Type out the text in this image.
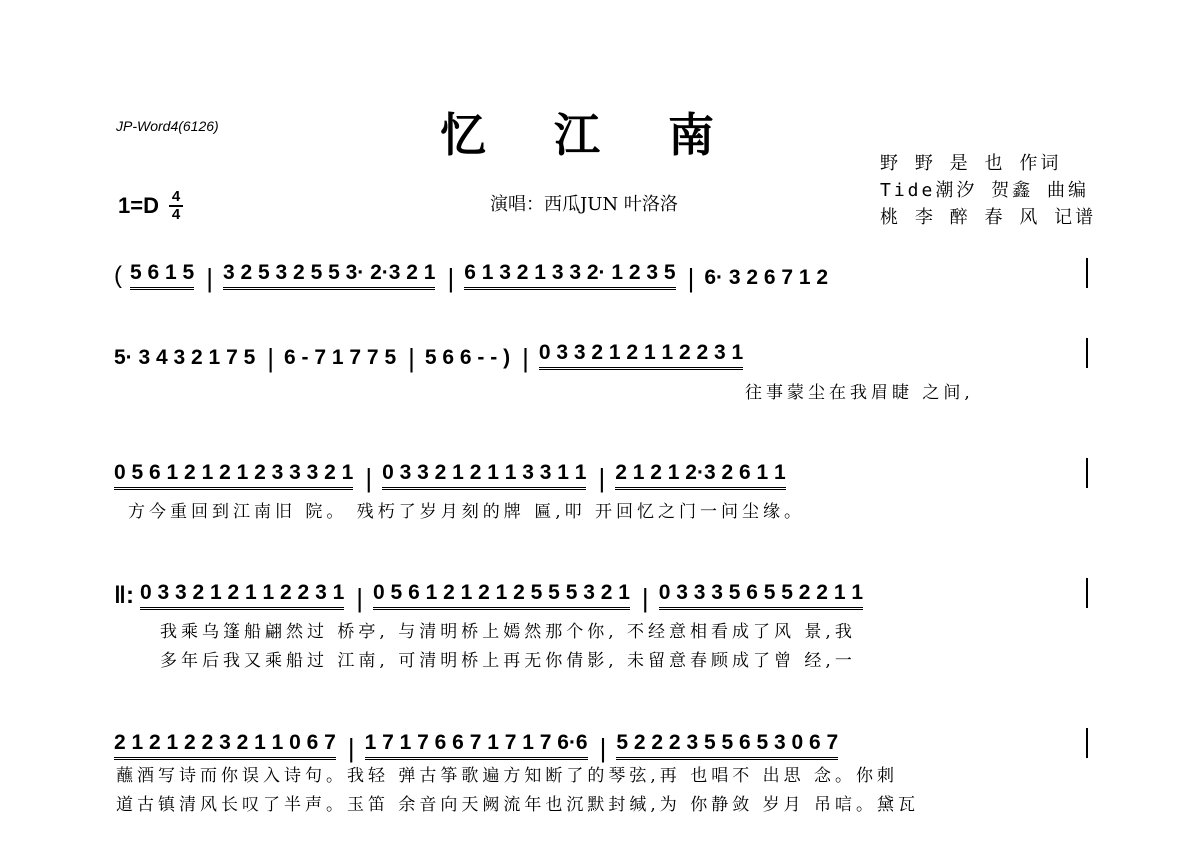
JP-Word4(6126)	忆江南
1=D 4
4	演唱：西瓜JUN 叶洛洛
野 野 是 也 作词
Tide潮汐 贺鑫 曲编
桃 李 醉 春 风 记谱
( 5 6 1 5 | 3 2 5 3 2 5 5 3· 2·3 2 1 | 6 1 3 2 1 3 3 2· 1 2 3 5 | 6· 3 2 6 7 1 2
5· 3 4 3 2 1 7 5 | 6 - 7 1 7 7 5 | 5 6 6 - - ) | 0 3 3 2 1 2 1 1 2 2 3 1
往事蒙尘在我眉睫 之间,
0 5 6 1 2 1 2 1 2 3 3 3 2 1 | 0 3 3 2 1 2 1 1 3 3 1 1 | 2 1 2 1 2·3 2 6 1 1
方今重回到江南旧 院。 残朽了岁月刻的牌 匾,叩 开回忆之门一问尘缘。
‖: 0 3 3 2 1 2 1 1 2 2 3 1 | 0 5 6 1 2 1 2 1 2 5 5 5 3 2 1 | 0 3 3 3 5 6 5 5 2 2 1 1
我乘乌篷船翩然过 桥亭, 与清明桥上嫣然那个你, 不经意相看成了风 景,我
多年后我又乘船过 江南, 可清明桥上再无你倩影, 未留意春顾成了曾 经,一
2 1 2 1 2 2 3 2 1 1 0 6 7 | 1 7 1 7 6 6 7 1 7 1 7 6·6 | 5 2 2 2 3 5 5 6 5 3 0 6 7
蘸酒写诗而你误入诗句。我轻 弹古筝歌遍方知断了的琴弦,再 也唱不 出思 念。你刺
道古镇清风长叹了半声。玉笛 余音向天阙流年也沉默封缄,为 你静敛 岁月 吊唁。黛瓦
